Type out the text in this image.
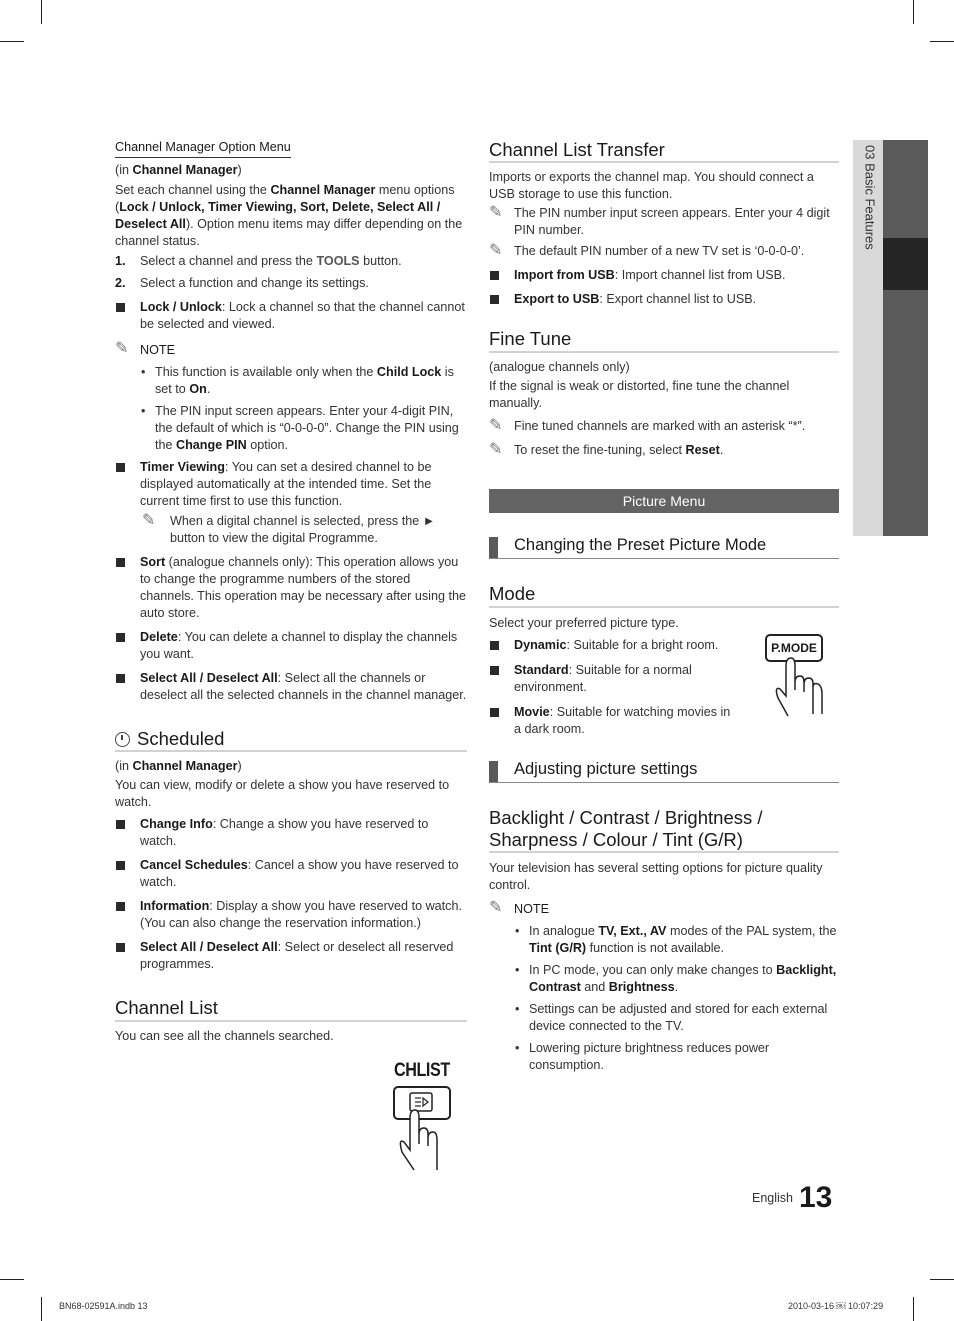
03 Basic Features
Channel Manager Option Menu

(in Channel Manager)

Set each channel using the Channel Manager menu options (Lock / Unlock, Timer Viewing, Sort, Delete, Select All / Deselect All). Option menu items may differ depending on the channel status.

1. Select a channel and press the TOOLS button.

2. Select a function and change its settings.

Lock / Unlock: Lock a channel so that the channel cannot be selected and viewed.

✎ NOTE

• This function is available only when the Child Lock is set to On.

• The PIN input screen appears. Enter your 4-digit PIN, the default of which is “0-0-0-0”. Change the PIN using the Change PIN option.

Timer Viewing: You can set a desired channel to be displayed automatically at the intended time. Set the current time first to use this function.

✎ When a digital channel is selected, press the ► button to view the digital Programme.

Sort (analogue channels only): This operation allows you to change the programme numbers of the stored channels. This operation may be necessary after using the auto store.

Delete: You can delete a channel to display the channels you want.

Select All / Deselect All: Select all the channels or deselect all the selected channels in the channel manager.

Scheduled

(in Channel Manager)

You can view, modify or delete a show you have reserved to watch.

Change Info: Change a show you have reserved to watch.

Cancel Schedules: Cancel a show you have reserved to watch.

Information: Display a show you have reserved to watch. (You can also change the reservation information.)

Select All / Deselect All: Select or deselect all reserved programmes.

Channel List

You can see all the channels searched.

CHLIST
Channel List Transfer

Imports or exports the channel map. You should connect a USB storage to use this function.

✎ The PIN number input screen appears. Enter your 4 digit PIN number.

✎ The default PIN number of a new TV set is ‘0-0-0-0’.

Import from USB: Import channel list from USB.

Export to USB: Export channel list to USB.

Fine Tune

(analogue channels only)

If the signal is weak or distorted, fine tune the channel manually.

✎ Fine tuned channels are marked with an asterisk “*”.

✎ To reset the fine-tuning, select Reset.

Picture Menu
Changing the Preset Picture Mode
Mode

Select your preferred picture type.

Dynamic: Suitable for a bright room.

Standard: Suitable for a normal environment.

Movie: Suitable for watching movies in a dark room.

Adjusting picture settings
Backlight / Contrast / Brightness / Sharpness / Colour / Tint (G/R)

Your television has several setting options for picture quality control.

✎ NOTE

• In analogue TV, Ext., AV modes of the PAL system, the Tint (G/R) function is not available.

• In PC mode, you can only make changes to Backlight, Contrast and Brightness.

• Settings can be adjusted and stored for each external device connected to the TV.

• Lowering picture brightness reduces power consumption.

P.MODE
English 13
BN68-02591A.indb 13	2010-03-16 ￼ 10:07:29
